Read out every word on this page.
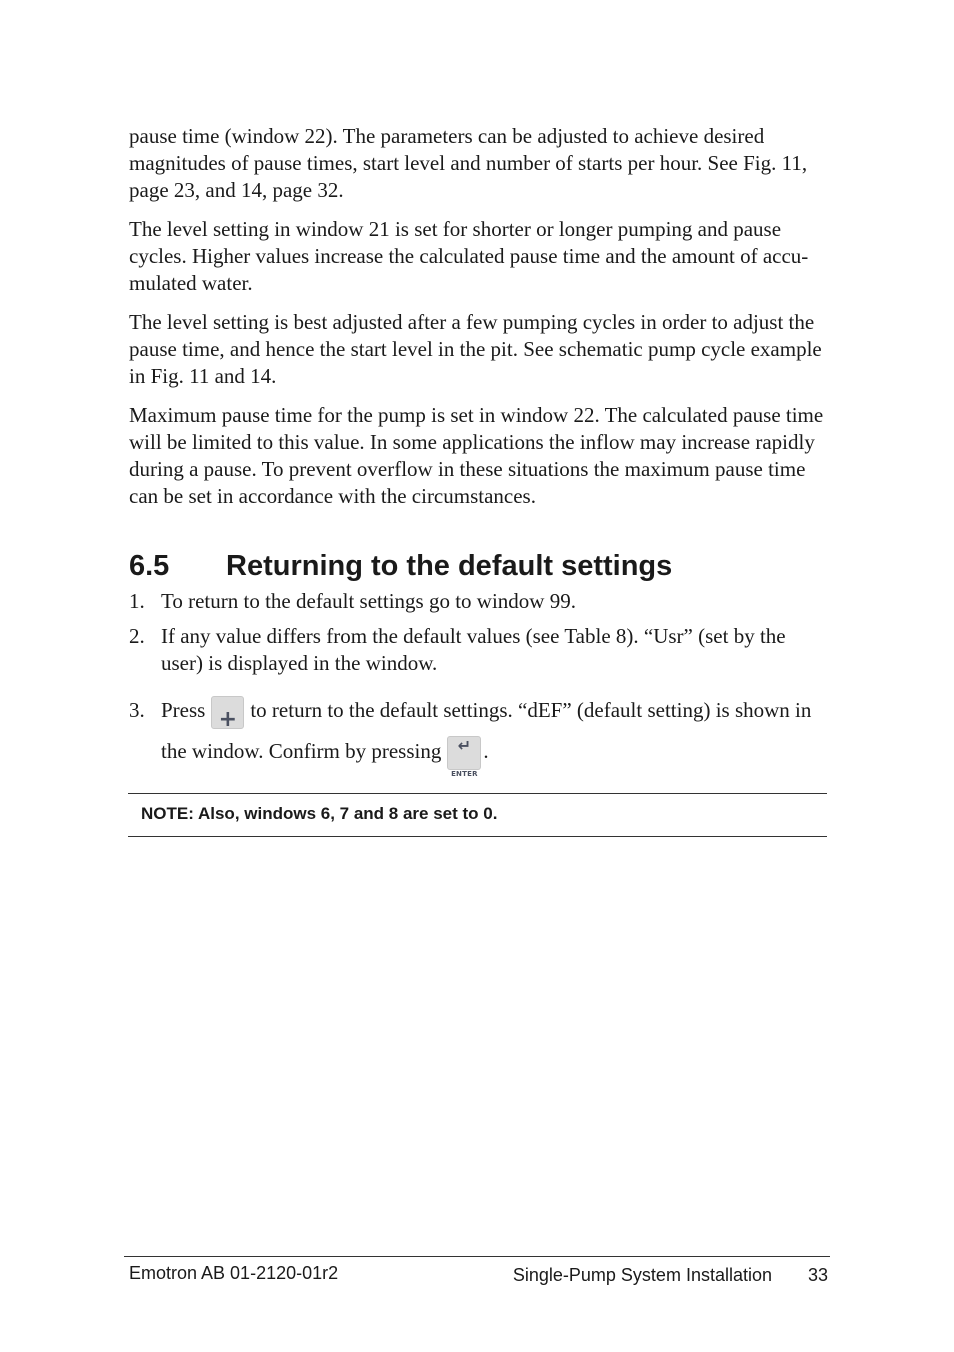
pause time (window 22). The parameters can be adjusted to achieve desired magnitudes of pause times, start level and number of starts per hour. See Fig. 11, page 23, and 14, page 32.

The level setting in window 21 is set for shorter or longer pumping and pause cycles. Higher values increase the calculated pause time and the amount of accu-mulated water.

The level setting is best adjusted after a few pumping cycles in order to adjust the pause time, and hence the start level in the pit. See schematic pump cycle example in Fig. 11 and 14.

Maximum pause time for the pump is set in window 22. The calculated pause time will be limited to this value. In some applications the inflow may increase rapidly during a pause. To prevent overflow in these situations the maximum pause time can be set in accordance with the circumstances.

6.5 Returning to the default settings
1. To return to the default settings go to window 99.
2. If any value differs from the default values (see Table 8). “Usr” (set by the user) is displayed in the window.
3. Press + to return to the default settings. “dEF” (default setting) is shown in the window. Confirm by pressing	↵
ENTER
.
NOTE: Also, windows 6, 7 and 8 are set to 0.
Emotron AB 01-2120-01r2	Single-Pump System Installation 33
